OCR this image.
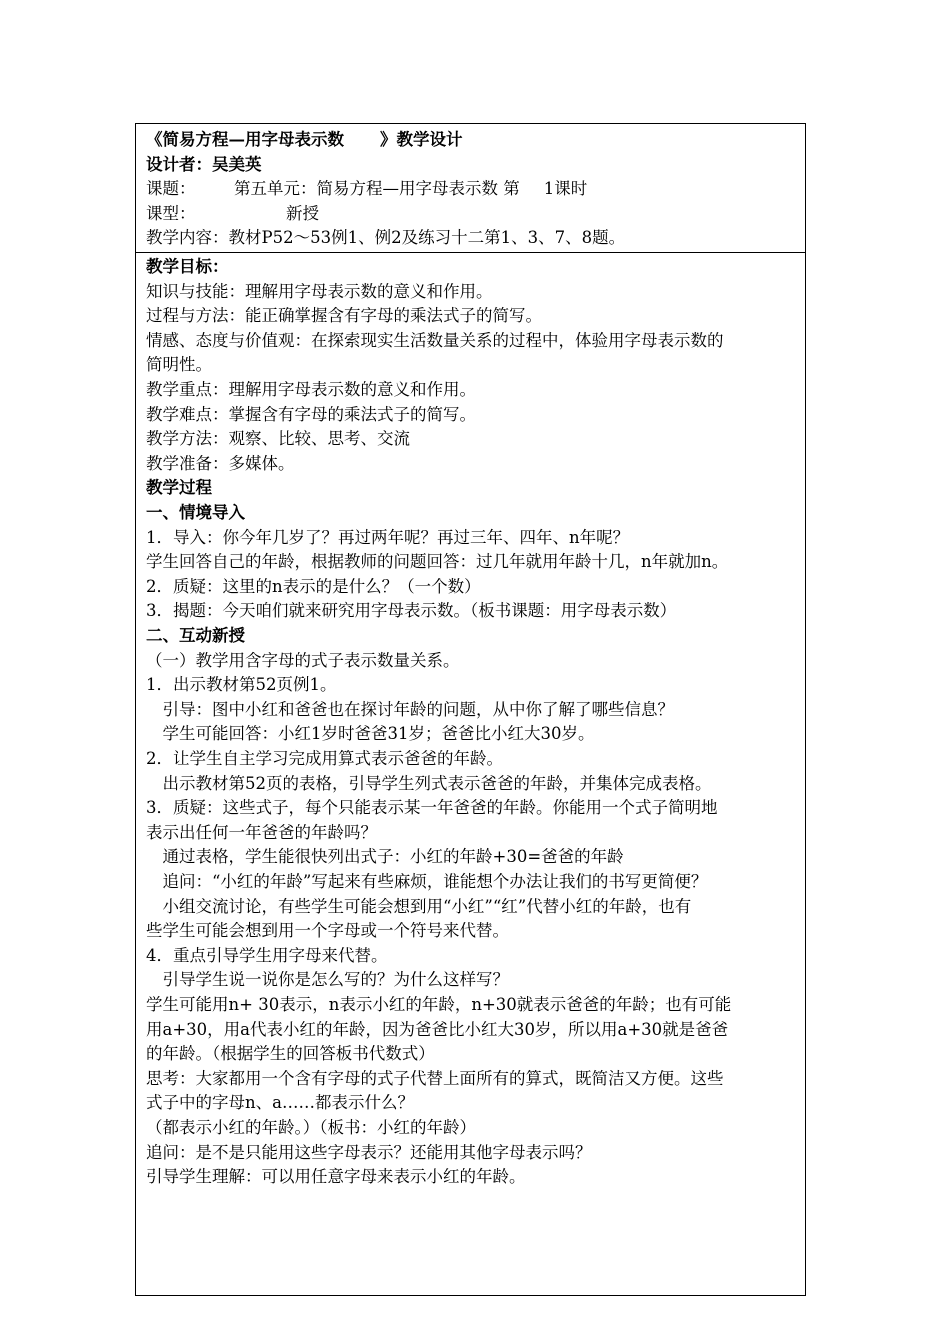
《简易方程—用字母表示数 》教学设计
设计者：吴美英
课题： 第五单元：简易方程—用字母表示数 第 1课时
课型：	新授
教学内容：教材P52～53例1、例2及练习十二第1、3、7、8题。
教学目标：
知识与技能：理解用字母表示数的意义和作用。
过程与方法：能正确掌握含有字母的乘法式子的简写。
情感、态度与价值观：在探索现实生活数量关系的过程中，体验用字母表示数的
简明性。
教学重点：理解用字母表示数的意义和作用。
教学难点：掌握含有字母的乘法式子的简写。
教学方法：观察、比较、思考、交流
教学准备：多媒体。
教学过程
一、情境导入
1．导入：你今年几岁了？再过两年呢？再过三年、四年、n年呢？
学生回答自己的年龄，根据教师的问题回答：过几年就用年龄十几，n年就加n。
2．质疑：这里的n表示的是什么？（一个数）
3．揭题：今天咱们就来研究用字母表示数。（板书课题：用字母表示数）
二、互动新授
（一）教学用含字母的式子表示数量关系。
1．出示教材第52页例1。
　引导：图中小红和爸爸也在探讨年龄的问题，从中你了解了哪些信息？
　学生可能回答：小红1岁时爸爸31岁；爸爸比小红大30岁。
2．让学生自主学习完成用算式表示爸爸的年龄。
　出示教材第52页的表格，引导学生列式表示爸爸的年龄，并集体完成表格。
3．质疑：这些式子，每个只能表示某一年爸爸的年龄。你能用一个式子简明地
表示出任何一年爸爸的年龄吗？
　通过表格，学生能很快列出式子：小红的年龄+30=爸爸的年龄
　追问：“小红的年龄”写起来有些麻烦，谁能想个办法让我们的书写更简便？
　小组交流讨论，有些学生可能会想到用“小红”“红”代替小红的年龄，也有
些学生可能会想到用一个字母或一个符号来代替。
4．重点引导学生用字母来代替。
　引导学生说一说你是怎么写的？为什么这样写？
学生可能用n+ 30表示，n表示小红的年龄，n+30就表示爸爸的年龄；也有可能
用a+30，用a代表小红的年龄，因为爸爸比小红大30岁，所以用a+30就是爸爸
的年龄。（根据学生的回答板书代数式）
思考：大家都用一个含有字母的式子代替上面所有的算式，既简洁又方便。这些
式子中的字母n、a……都表示什么？
（都表示小红的年龄。）（板书：小红的年龄）
追问：是不是只能用这些字母表示？还能用其他字母表示吗？
引导学生理解：可以用任意字母来表示小红的年龄。
